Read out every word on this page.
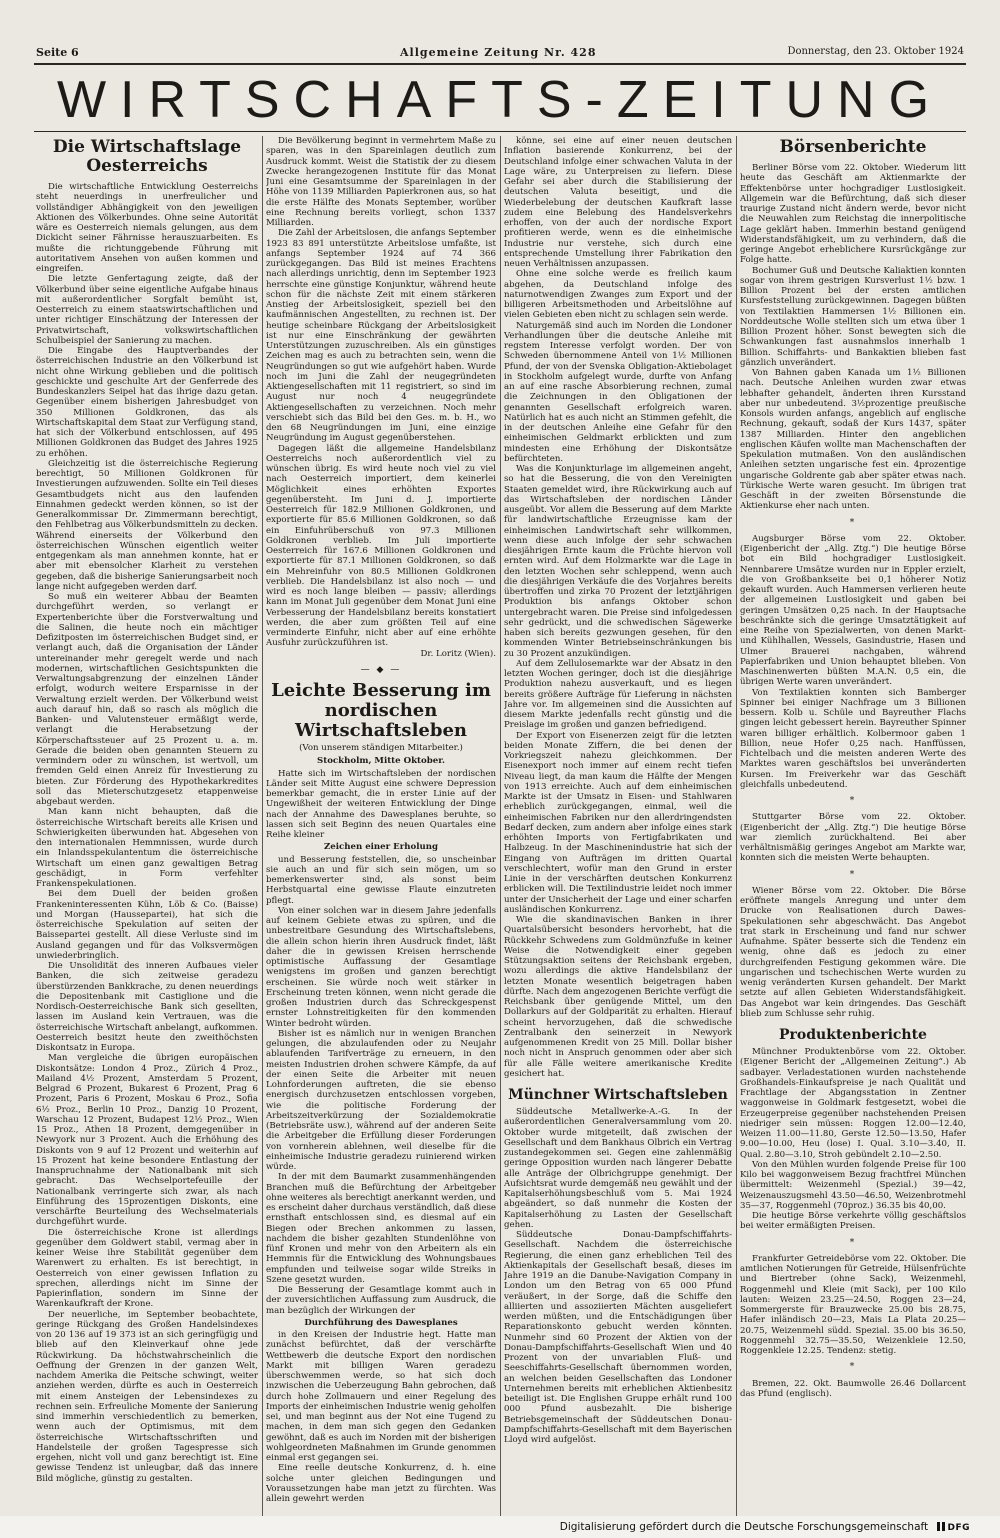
Seite 6	Allgemeine Zeitung Nr. 428	Donnerstag, den 23. Oktober 1924
WIRTSCHAFTS-ZEITUNG
Die Wirtschaftslage Oesterreichs

Die wirtschaftliche Entwicklung Oesterreichs steht neuerdings in unerfreulicher und vollständiger Abhängigkeit von den jeweiligen Aktionen des Völkerbundes. Ohne seine Autorität wäre es Oesterreich niemals gelungen, aus dem Dickicht seiner Fährnisse herauszuarbeiten. Es mußte die richtunggebende Führung mit autoritativem Ansehen von außen kommen und eingreifen.

Die letzte Genfertagung zeigte, daß der Völkerbund über seine eigentliche Aufgabe hinaus mit außerordentlicher Sorgfalt bemüht ist, Oesterreich zu einem staatswirtschaftlichen und unter richtiger Einschätzung der Interessen der Privatwirtschaft, volkswirtschaftlichen Schulbeispiel der Sanierung zu machen.

Die Eingabe des Hauptverbandes der österreichischen Industrie an den Völkerbund ist nicht ohne Wirkung geblieben und die politisch geschickte und geschulte Art der Genferrede des Bundeskanzlers Seipel hat das ihrige dazu getan. Gegenüber einem bisherigen Jahresbudget von 350 Millionen Goldkronen, das als Wirtschaftskapital dem Staat zur Verfügung stand, hat sich der Völkerbund entschlossen, auf 495 Millionen Goldkronen das Budget des Jahres 1925 zu erhöhen.

Gleichzeitig ist die österreichische Regierung berechtigt, 50 Millionen Goldkronen für Investierungen aufzuwenden. Sollte ein Teil dieses Gesamtbudgets nicht aus den laufenden Einnahmen gedeckt werden können, so ist der Generalkommissar Dr. Zimmermann berechtigt, den Fehlbetrag aus Völkerbundsmitteln zu decken. Während einerseits der Völkerbund den österreichischen Wünschen eigentlich weiter entgegenkam als man annehmen konnte, hat er aber mit ebensolcher Klarheit zu verstehen gegeben, daß die bisherige Sanierungsarbeit noch lange nicht aufgegeben werden darf.

So muß ein weiterer Abbau der Beamten durchgeführt werden, so verlangt er Expertenberichte über die Forstverwaltung und die Salinen, die heute noch ein mächtiger Defizitposten im österreichischen Budget sind, er verlangt auch, daß die Organisation der Länder untereinander mehr geregelt werde und nach modernen, wirtschaftlichen Gesichtspunkten die Verwaltungsabgrenzung der einzelnen Länder erfolgt, wodurch weitere Ersparnisse in der Verwaltung erzielt werden. Der Völkerbund weist auch darauf hin, daß so rasch als möglich die Banken- und Valutensteuer ermäßigt werde, verlangt die Herabsetzung der Körperschaftssteuer auf 25 Prozent u. a. m. Gerade die beiden oben genannten Steuern zu vermindern oder zu wünschen, ist wertvoll, um fremden Geld einen Anreiz für Investierung zu bieten. Zur Förderung des Hypothekarkredites soll das Mieterschutzgesetz etappenweise abgebaut werden.

Man kann nicht behaupten, daß die österreichische Wirtschaft bereits alle Krisen und Schwierigkeiten überwunden hat. Abgesehen von den internationalen Hemmnissen, wurde durch ein Inlandsspekulantentum die österreichische Wirtschaft um einen ganz gewaltigen Betrag geschädigt, in Form verfehlter Frankenspekulationen.

Bei dem Duell der beiden großen Frankeninteressenten Kühn, Löb & Co. (Baisse) und Morgan (Haussepartei), hat sich die österreichische Spekulation auf seiten der Baissepartei gestellt. All diese Verluste sind im Ausland gegangen und für das Volksvermögen unwiederbringlich.

Die Unsolidität des inneren Aufbaues vieler Banken, die sich zeitweise geradezu überstürzenden Bankkrache, zu denen neuerdings die Depositenbank mit Castiglione und die Nordisch-Oesterreichische Bank sich gesellten, lassen im Ausland kein Vertrauen, was die österreichische Wirtschaft anbelangt, aufkommen. Oesterreich besitzt heute den zweithöchsten Diskontsatz in Europa.

Man vergleiche die übrigen europäischen Diskontsätze: London 4 Proz., Zürich 4 Proz., Mailand 4½ Prozent, Amsterdam 5 Prozent, Belgrad 6 Prozent, Bukarest 6 Prozent, Prag 6 Prozent, Paris 6 Prozent, Moskau 6 Proz., Sofia 6½ Proz., Berlin 10 Proz., Danzig 10 Prozent, Warschau 12 Prozent, Budapest 12½ Proz., Wien 15 Proz., Athen 18 Prozent, demgegenüber in Newyork nur 3 Prozent. Auch die Erhöhung des Diskonts von 9 auf 12 Prozent und weiterhin auf 15 Prozent hat keine besondere Entlastung der Inanspruchnahme der Nationalbank mit sich gebracht. Das Wechselportefeuille der Nationalbank verringerte sich zwar, als nach Einführung des 15prozentigen Diskonts, eine verschärfte Beurteilung des Wechselmaterials durchgeführt wurde.

Die österreichische Krone ist allerdings gegenüber dem Goldwert stabil, vermag aber in keiner Weise ihre Stabilität gegenüber dem Warenwert zu erhalten. Es ist berechtigt, in Oesterreich von einer gewissen Inflation zu sprechen, allerdings nicht im Sinne der Papierinflation, sondern im Sinne der Warenkaufkraft der Krone.

Der neuerliche, im September beobachtete, geringe Rückgang des Großen Handelsindexes von 20 136 auf 19 373 ist an sich geringfügig und blieb auf den Kleinverkauf ohne jede Rückwirkung. Da höchstwahrscheinlich die Oeffnung der Grenzen in der ganzen Welt, nachdem Amerika die Peitsche schwingt, weiter anziehen werden, dürfte es auch in Oesterreich mit einem Ansteigen der Lebensindexes zu rechnen sein. Erfreuliche Momente der Sanierung sind immerhin verschiedentlich zu bemerken, wenn auch der Optimismus, mit dem österreichische Wirtschaftsschriften und Handelsteile der großen Tagespresse sich ergehen, nicht voll und ganz berechtigt ist. Eine gewisse Tendenz ist unleugbar, daß das innere Bild mögliche, günstig zu gestalten.

Die Bevölkerung beginnt in vermehrtem Maße zu sparen, was in den Spareinlagen deutlich zum Ausdruck kommt. Weist die Statistik der zu diesem Zwecke herangezogenen Institute für das Monat Juni eine Gesamtsumme der Spareinlagen in der Höhe von 1139 Milliarden Papierkronen aus, so hat die erste Hälfte des Monats September, worüber eine Rechnung bereits vorliegt, schon 1337 Milliarden.

Die Zahl der Arbeitslosen, die anfangs September 1923 83 891 unterstützte Arbeitslose umfaßte, ist anfangs September 1924 auf 74 366 zurückgegangen. Das Bild ist meines Erachtens nach allerdings unrichtig, denn im September 1923 herrschte eine günstige Konjunktur, während heute schon für die nächste Zeit mit einem stärkeren Anstieg der Arbeitslosigkeit, speziell bei den kaufmännischen Angestellten, zu rechnen ist. Der heutige scheinbare Rückgang der Arbeitslosigkeit ist nur eine Einschränkung der gewährten Unterstützungen zuzuschreiben. Als ein günstiges Zeichen mag es auch zu betrachten sein, wenn die Neugründungen so gut wie aufgehört haben. Wurde noch im Juni die Zahl der neugegründeten Aktiengesellschaften mit 11 registriert, so sind im August nur noch 4 neugegründete Aktiengesellschaften zu verzeichnen. Noch mehr verschiebt sich das Bild bei den Ges. m. b. H., wo den 68 Neugründungen im Juni, eine einzige Neugründung im August gegenüberstehen.

Dagegen läßt die allgemeine Handelsbilanz Oesterreichs noch außerordentlich viel zu wünschen übrig. Es wird heute noch viel zu viel nach Oesterreich importiert, dem keinerlei Möglichkeit eines erhöhten Exportes gegenübersteht. Im Juni d. J. importierte Oesterreich für 182.9 Millionen Goldkronen, und exportierte für 85.6 Millionen Goldkronen, so daß ein Einfuhrüberschuß von 97.3 Millionen Goldkronen verblieb. Im Juli importierte Oesterreich für 167.6 Millionen Goldkronen und exportierte für 87.1 Millionen Goldkronen, so daß ein Mehreinfuhr von 80.5 Millionen Goldkronen verblieb. Die Handelsbilanz ist also noch — und wird es noch lange bleiben — passiv; allerdings kann im Monat Juli gegenüber dem Monat Juni eine Verbesserung der Handelsbilanz bereits konstatiert werden, die aber zum größten Teil auf eine verminderte Einfuhr, nicht aber auf eine erhöhte Ausfuhr zurückzuführen ist.

Dr. Loritz (Wien).
— ◆ —
Leichte Besserung im nordischen Wirtschaftsleben
(Von unserem ständigen Mitarbeiter.)
Stockholm, Mitte Oktober.

Hatte sich im Wirtschaftsleben der nordischen Länder seit Mitte August eine schwere Depression bemerkbar gemacht, die in erster Linie auf der Ungewißheit der weiteren Entwicklung der Dinge nach der Annahme des Dawesplanes beruhte, so lassen sich seit Beginn des neuen Quartales eine Reihe kleiner

Zeichen einer Erholung

und Besserung feststellen, die, so unscheinbar sie auch an und für sich sein mögen, um so bemerkenswerter sind, als sonst beim Herbstquartal eine gewisse Flaute einzutreten pflegt.

Von einer solchen war in diesem Jahre jedenfalls auf keinem Gebiete etwas zu spüren, und die unbestreitbare Gesundung des Wirtschaftslebens, die allein schon hierin ihren Ausdruck findet, läßt daher die in gewissen Kreisen herrschende optimistische Auffassung der Gesamtlage wenigstens im großen und ganzen berechtigt erscheinen. Sie würde noch weit stärker in Erscheinung treten können, wenn nicht gerade die großen Industrien durch das Schreckgespenst ernster Lohnstreitigkeiten für den kommenden Winter bedroht würden.

Bisher ist es nämlich nur in wenigen Branchen gelungen, die abzulaufenden oder zu Neujahr ablaufenden Tarifverträge zu erneuern, in den meisten Industrien drohen schwere Kämpfe, da auf der einen Seite die Arbeiter mit neuen Lohnforderungen auftreten, die sie ebenso energisch durchzusetzen entschlossen vorgeben, wie die politische Forderung der Arbeitszeitverkürzung der Sozialdemokratie (Betriebsräte usw.), während auf der anderen Seite die Arbeitgeber die Erfüllung dieser Forderungen von vornherein ablehnen, weil dieselbe für die einheimische Industrie geradezu ruinierend wirken würde.

In der mit dem Baumarkt zusammenhängenden Branchen muß die Befürchtung der Arbeitgeber ohne weiteres als berechtigt anerkannt werden, und es erscheint daher durchaus verständlich, daß diese ernsthaft entschlossen sind, es diesmal auf ein Biegen oder Brechen ankommen zu lassen, nachdem die bisher gezahlten Stundenlöhne von fünf Kronen und mehr von den Arbeitern als ein Hemmnis für die Entwicklung des Wohnungsbaues empfunden und teilweise sogar wilde Streiks in Szene gesetzt wurden.

Die Besserung der Gesamtlage kommt auch in der zuversichtlichen Auffassung zum Ausdruck, die man bezüglich der Wirkungen der

Durchführung des Dawesplanes

in den Kreisen der Industrie hegt. Hatte man zunächst befürchtet, daß der verschärfte Wettbewerb die deutsche Export den nordischen Markt mit billigen Waren geradezu überschwemmen werde, so hat sich doch inzwischen die Ueberzeugung Bahn gebrochen, daß durch hohe Zollmauern und einer Regelung des Imports der einheimischen Industrie wenig geholfen sei, und man beginnt aus der Not eine Tugend zu machen, in dem man sich gegen den Gedanken gewöhnt, daß es auch im Norden mit der bisherigen wohlgeordneten Maßnahmen im Grunde genommen einmal erst gegangen sei.

Eine reelle deutsche Konkurrenz, d. h. eine solche unter gleichen Bedingungen und Voraussetzungen habe man jetzt zu fürchten. Was allein gewehrt werden

könne, sei eine auf einer neuen deutschen Inflation basierende Konkurrenz, bei der Deutschland infolge einer schwachen Valuta in der Lage wäre, zu Unterpreisen zu liefern. Diese Gefahr sei aber durch die Stabilisierung der deutschen Valuta beseitigt, und die Wiederbelebung der deutschen Kaufkraft lasse zudem eine Belebung des Handelsverkehrs erhoffen, von der auch der nordische Export profitieren werde, wenn es die einheimische Industrie nur verstehe, sich durch eine entsprechende Umstellung ihrer Fabrikation den neuen Verhältnissen anzupassen.

Ohne eine solche werde es freilich kaum abgehen, da Deutschland infolge des naturnotwendigen Zwanges zum Export und der billigeren Arbeitsmethoden und Arbeitslöhne auf vielen Gebieten eben nicht zu schlagen sein werde.

Naturgemäß sind auch im Norden die Londoner Verhandlungen über die deutsche Anleihe mit regstem Interesse verfolgt worden. Der von Schweden übernommene Anteil von 1½ Millionen Pfund, der von der Svenska Obligation-Aktiebolaget in Stockholm aufgelegt wurde, durfte von Anfang an auf eine rasche Absorbierung rechnen, zumal die Zeichnungen in den Obligationen der genannten Gesellschaft erfolgreich waren. Natürlich hat es auch nicht an Stimmen gefehlt, die in der deutschen Anleihe eine Gefahr für den einheimischen Geldmarkt erblickten und zum mindesten eine Erhöhung der Diskontsätze befürchteten.

Was die Konjunkturlage im allgemeinen angeht, so hat die Besserung, die von den Vereinigten Staaten gemeldet wird, ihre Rückwirkung auch auf das Wirtschaftsleben der nordischen Länder ausgeübt. Vor allem die Besserung auf dem Markte für landwirtschaftliche Erzeugnisse kam der einheimischen Landwirtschaft sehr willkommen, wenn diese auch infolge der sehr schwachen diesjährigen Ernte kaum die Früchte hiervon voll ernten wird. Auf dem Holzmarkte war die Lage in den letzten Wochen sehr schleppend, wenn auch die diesjährigen Verkäufe die des Vorjahres bereits übertroffen und zirka 70 Prozent der letztjährigen Produktion bis anfangs Oktober schon untergebracht waren. Die Preise sind infolgedessen sehr gedrückt, und die schwedischen Sägewerke haben sich bereits gezwungen gesehen, für den kommenden Winter Betriebseinschränkungen bis zu 30 Prozent anzukündigen.

Auf dem Zellulosemarkte war der Absatz in den letzten Wochen geringer, doch ist die diesjährige Produktion nahezu ausverkauft, und es liegen bereits größere Aufträge für Lieferung in nächsten Jahre vor. Im allgemeinen sind die Aussichten auf diesem Markte jedenfalls recht günstig und die Preislage im großen und ganzen befriedigend.

Der Export von Eisenerzen zeigt für die letzten beiden Monate Ziffern, die bei denen der Vorkriegszeit nahezu gleichkommen. Der Eisenexport noch immer auf einem recht tiefen Niveau liegt, da man kaum die Hälfte der Mengen von 1913 erreichte. Auch auf dem einheimischen Markte ist der Umsatz in Eisen- und Stahlwaren erheblich zurückgegangen, einmal, weil die einheimischen Fabriken nur den allerdringendsten Bedarf decken, zum andern aber infolge eines stark erhöhten Imports von Fertigfabrikaten und Halbzeug. In der Maschinenindustrie hat sich der Eingang von Aufträgen im dritten Quartal verschlechtert, wofür man den Grund in erster Linie in der verschärften deutschen Konkurrenz erblicken will. Die Textilindustrie leidet noch immer unter der Unsicherheit der Lage und einer scharfen ausländischen Konkurrenz.

Wie die skandinavischen Banken in ihrer Quartalsübersicht besonders hervorhebt, hat die Rückkehr Schwedens zum Goldmünzfuße in keiner Weise die Notwendigkeit einer gegeben Stützungsaktion seitens der Reichsbank ergeben, wozu allerdings die aktive Handelsbilanz der letzten Monate wesentlich beigetragen haben dürfte. Nach dem angezogenen Berichte verfügt die Reichsbank über genügende Mittel, um den Dollarkurs auf der Goldparität zu erhalten. Hierauf scheint hervorzugehen, daß die schwedische Zentralbank den seinerzeit in Newyork aufgenommenen Kredit von 25 Mill. Dollar bisher noch nicht in Anspruch genommen oder aber sich für alle Fälle weitere amerikanische Kredite gesichert hat.

Münchner Wirtschaftsleben

Süddeutsche Metallwerke-A.-G. In der außerordentlichen Generalversammlung vom 20. Oktober wurde mitgeteilt, daß zwischen der Gesellschaft und dem Bankhaus Olbrich ein Vertrag zustandegekommen sei. Gegen eine zahlenmäßig geringe Opposition wurden nach längerer Debatte alle Anträge der Olbrichgruppe genehmigt. Der Aufsichtsrat wurde demgemäß neu gewählt und der Kapitalserhöhungsbeschluß vom 5. Mai 1924 abgeändert, so daß nunmehr die Kosten der Kapitalserhöhung zu Lasten der Gesellschaft gehen.

Süddeutsche Donau-Dampfschiffahrts-Gesellschaft. Nachdem die österreichische Regierung, die einen ganz erheblichen Teil des Aktienkapitals der Gesellschaft besaß, dieses im Jahre 1919 an die Danube-Navigation Company in London um den Betrag von 65 000 Pfund veräußert, in der Sorge, daß die Schiffe den alliierten und assoziierten Mächten ausgeliefert werden müßten, und die Entschädigungen über Reparationskonto gebucht werden könnten. Nunmehr sind 60 Prozent der Aktien von der Donau-Dampfschiffahrts-Gesellschaft Wien und 40 Prozent von der unvariablen Fluß- und Seeschiffahrts-Gesellschaft übernommen worden, an welchen beiden Gesellschaften das Londoner Unternehmen bereits mit erheblichen Aktienbesitz beteiligt ist. Die Englishen Gruppe erhält rund 100 000 Pfund ausbezahlt. Die bisherige Betriebsgemeinschaft der Süddeutschen Donau-Dampfschiffahrts-Gesellschaft mit dem Bayerischen Lloyd wird aufgelöst.

Börsenberichte

Berliner Börse vom 22. Oktober. Wiederum litt heute das Geschäft am Aktienmarkte der Effektenbörse unter hochgradiger Lustlosigkeit. Allgemein war die Befürchtung, daß sich dieser traurige Zustand nicht ändern werde, bevor nicht die Neuwahlen zum Reichstag die innerpolitische Lage geklärt haben. Immerhin bestand genügend Widerstandsfähigkeit, um zu verhindern, daß die geringe Angebot erheblichere Kursrückgänge zur Folge hatte.

Bochumer Guß und Deutsche Kaliaktien konnten sogar von ihrem gestrigen Kursverlust 1½ bzw. 1 Billion Prozent bei der ersten amtlichen Kursfeststellung zurückgewinnen. Dagegen büßten von Textilaktien Hammersen 1½ Billionen ein. Norddeutsche Wolle stellten sich um etwa über 1 Billion Prozent höher. Sonst bewegten sich die Schwankungen fast ausnahmslos innerhalb 1 Billion. Schiffahrts- und Bankaktien blieben fast gänzlich unverändert.

Von Bahnen gaben Kanada um 1½ Billionen nach. Deutsche Anleihen wurden zwar etwas lebhafter gehandelt, änderten ihren Kursstand aber nur unbedeutend. 3½prozentige preußische Konsols wurden anfangs, angeblich auf englische Rechnung, gekauft, sodaß der Kurs 1437, später 1387 Milliarden. Hinter den angeblichen englischen Käufen wollte man Machenschaften der Spekulation mutmaßen. Von den ausländischen Anleihen setzten ungarische fest ein. 4prozentige ungarische Goldrente gab aber später etwas nach. Türkische Werte waren gesucht. Im übrigen trat Geschäft in der zweiten Börsenstunde die Aktienkurse eher nach unten.

*

Augsburger Börse vom 22. Oktober. (Eigenbericht der „Allg. Ztg.“) Die heutige Börse bot ein Bild hochgradiger Lustlosigkeit. Nennbarere Umsätze wurden nur in Eppler erzielt, die von Großbankseite bei 0,1 höherer Notiz gekauft wurden. Auch Hammersen verlieren heute der allgemeinen Lustlosigkeit und gaben bei geringen Umsätzen 0,25 nach. In der Hauptsache beschränkte sich die geringe Umsatztätigkeit auf eine Reihe von Spezialwerten, von denen Markt- und Kühlhallen, Wessels, Gasindustrie, Hasen und Ulmer Brauerei nachgaben, während Papierfabriken und Union behauptet blieben. Von Maschinenwerten büßten M.A.N. 0,5 ein, die übrigen Werte waren unverändert.

Von Textilaktien konnten sich Bamberger Spinner bei einiger Nachfrage um 3 Billionen bessern. Kolb u. Schüle und Bayreuther Flachs gingen leicht gebessert herein. Bayreuther Spinner waren billiger erhältlich. Kolbermoor gaben 1 Billion, neue Hofer 0,25 nach. Hanffüssen, Fichtelbach und die meisten anderen Werte des Marktes waren geschäftslos bei unveränderten Kursen. Im Freiverkehr war das Geschäft gleichfalls unbedeutend.

*

Stuttgarter Börse vom 22. Oktober. (Eigenbericht der „Allg. Ztg.“) Die heutige Börse war ziemlich zurückhaltend. Bei aber verhältnismäßig geringes Angebot am Markte war, konnten sich die meisten Werte behaupten.

*

Wiener Börse vom 22. Oktober. Die Börse eröffnete mangels Anregung und unter dem Drucke von Realisationen durch Dawes-Spekulationen sehr abgeschwächt. Das Angebot trat stark in Erscheinung und fand nur schwer Aufnahme. Später besserte sich die Tendenz ein wenig, ohne daß es jedoch zu einer durchgreifenden Festigung gekommen wäre. Die ungarischen und tschechischen Werte wurden zu wenig veränderten Kursen gehandelt. Der Markt setzte auf allen Gebieten Widerstandsfähigkeit. Das Angebot war kein dringendes. Das Geschäft blieb zum Schlusse sehr ruhig.

Produktenberichte

Münchner Produktenbörse vom 22. Oktober. (Eigener Bericht der „Allgemeinen Zeitung“.) Ab sadbayer. Verladestationen wurden nachstehende Großhandels-Einkaufspreise je nach Qualität und Frachtlage der Abgangsstation in Zentner waggonweise in Goldmark festgesetzt, wobei die Erzeugerpreise gegenüber nachstehenden Preisen niedriger sein müssen: Roggen 12.00—12.40, Weizen 11.00—11.80, Gerste 12.50—13.50, Hafer 9.00—10.00, Heu (lose) I. Qual. 3.10—3.40, II. Qual. 2.80—3.10, Stroh gebündelt 2.10—2.50.

Von den Mühlen wurden folgende Preise für 100 Kilo bei waggonweisem Bezug frachtfrei München übermittelt: Weizenmehl (Spezial.) 39—42, Weizenauszugsmehl 43.50—46.50, Weizenbrotmehl 35—37, Roggenmehl (70proz.) 36.35 bis 40,00.

Die heutige Börse verkehrte völlig geschäftslos bei weiter ermäßigten Preisen.

*

Frankfurter Getreidebörse vom 22. Oktober. Die amtlichen Notierungen für Getreide, Hülsenfrüchte und Biertreber (ohne Sack), Weizenmehl, Roggenmehl und Kleie (mit Sack), per 100 Kilo lauten: Weizen 23.25—24.50, Roggen 23—24, Sommergerste für Brauzwecke 25.00 bis 28.75, Hafer inländisch 20—23, Mais La Plata 20.25—20.75, Weizenmehl südd. Spezial. 35.00 bis 36.50, Roggenmehl 32.75—35.50, Weizenkleie 12.50, Roggenkleie 12.25. Tendenz: stetig.

*

Bremen, 22. Okt. Baumwolle 26.46 Dollarcent das Pfund (englisch).

Digitalisierung gefördert durch die Deutsche Forschungsgemeinschaft DFG
